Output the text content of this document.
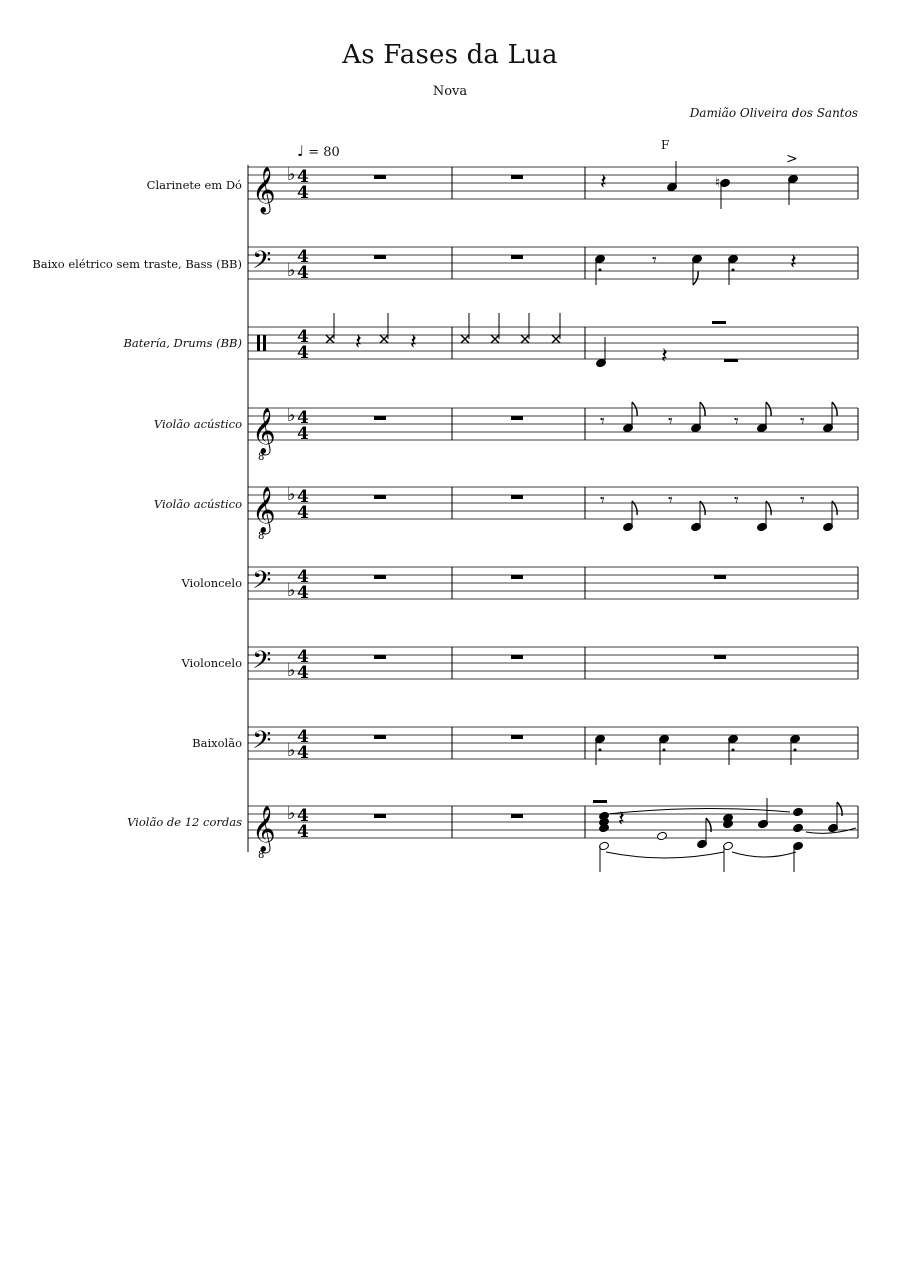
As Fases da Lua
Nova
Damião Oliveira dos Santos
♩ = 80	F
Clarinete em Dó
Baixo elétrico sem traste, Bass (BB)
Batería, Drums (BB)
Violão acústico
Violão acústico
Violoncelo
Violoncelo
Baixolão
Violão de 12 cordas
𝄞 ♭ 4
4
𝄢 ♭
4
4
4
4
𝄞
8
♭ 4
4
𝄞
8
♭ 4
4
𝄢 ♭
4
4
𝄢 ♭
4
4
𝄢 ♭
4
4
𝄞
8
♭ 4
4
𝄽	♮
>
𝄾	𝄽
𝄽 𝄽
𝄽
𝄾	𝄾	𝄾	𝄾
𝄾	𝄾	𝄾	𝄾
𝄽
